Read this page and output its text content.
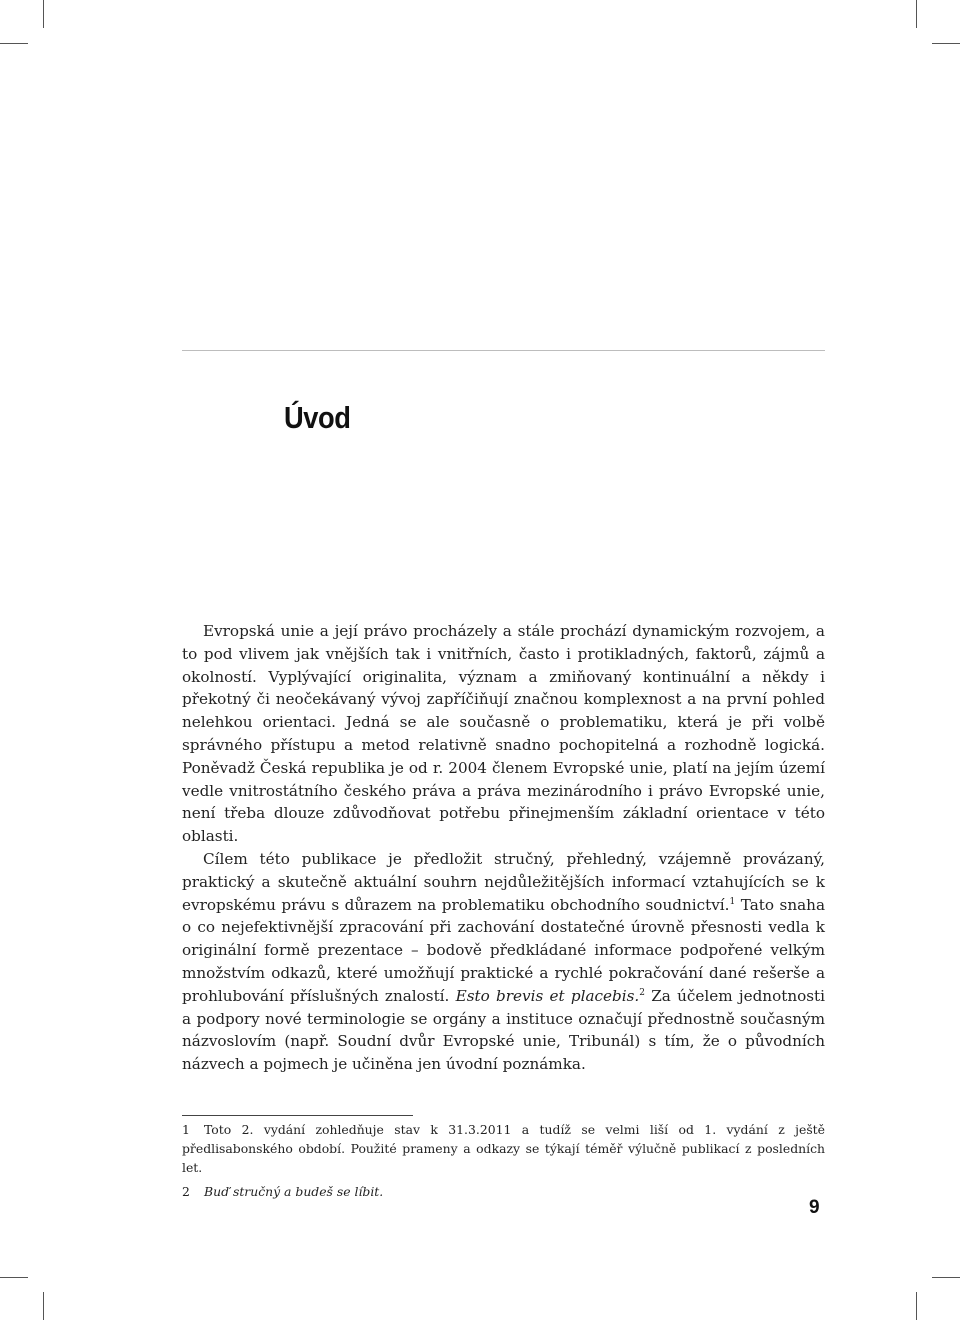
Úvod

Evropská unie a její právo procházely a stále prochází dynamickým rozvojem, a to pod vlivem jak vnějších tak i vnitřních, často i protikladných, faktorů, zájmů a okolností. Vyplývající originalita, význam a zmiňovaný kontinuální a někdy i překotný či neočekávaný vývoj zapříčiňují značnou komplexnost a na první pohled nelehkou orientaci. Jedná se ale současně o problematiku, která je při volbě správného přístupu a metod relativně snadno pochopitelná a rozhodně logická. Poněvadž Česká republika je od r. 2004 členem Evropské unie, platí na jejím území vedle vnitrostátního českého práva a práva mezinárodního i právo Evropské unie, není třeba dlouze zdůvodňovat potřebu přinejmenším základní orientace v této oblasti.

Cílem této publikace je předložit stručný, přehledný, vzájemně provázaný, praktický a skutečně aktuální souhrn nejdůležitějších informací vztahujících se k evropskému právu s důrazem na problematiku obchodního soudnictví.$^1$ Tato snaha o co nejefektivnější zpracování při zachování dostatečné úrovně přesnosti vedla k originální formě prezentace – bodově předkládané informace podpořené velkým množstvím odkazů, které umožňují praktické a rychlé pokračování dané rešerše a prohlubování příslušných znalostí. Esto brevis et placebis.$^2$ Za účelem jednotnosti a podpory nové terminologie se orgány a instituce označují přednostně současným názvoslovím (např. Soudní dvůr Evropské unie, Tribunál) s tím, že o původních názvech a pojmech je učiněna jen úvodní poznámka.

1 Toto 2. vydání zohledňuje stav k 31.3.2011 a tudíž se velmi liší od 1. vydání z ještě předlisabonského období. Použité prameny a odkazy se týkají téměř výlučně publikací z posledních let.

2 Buď stručný a budeš se líbit.

9
